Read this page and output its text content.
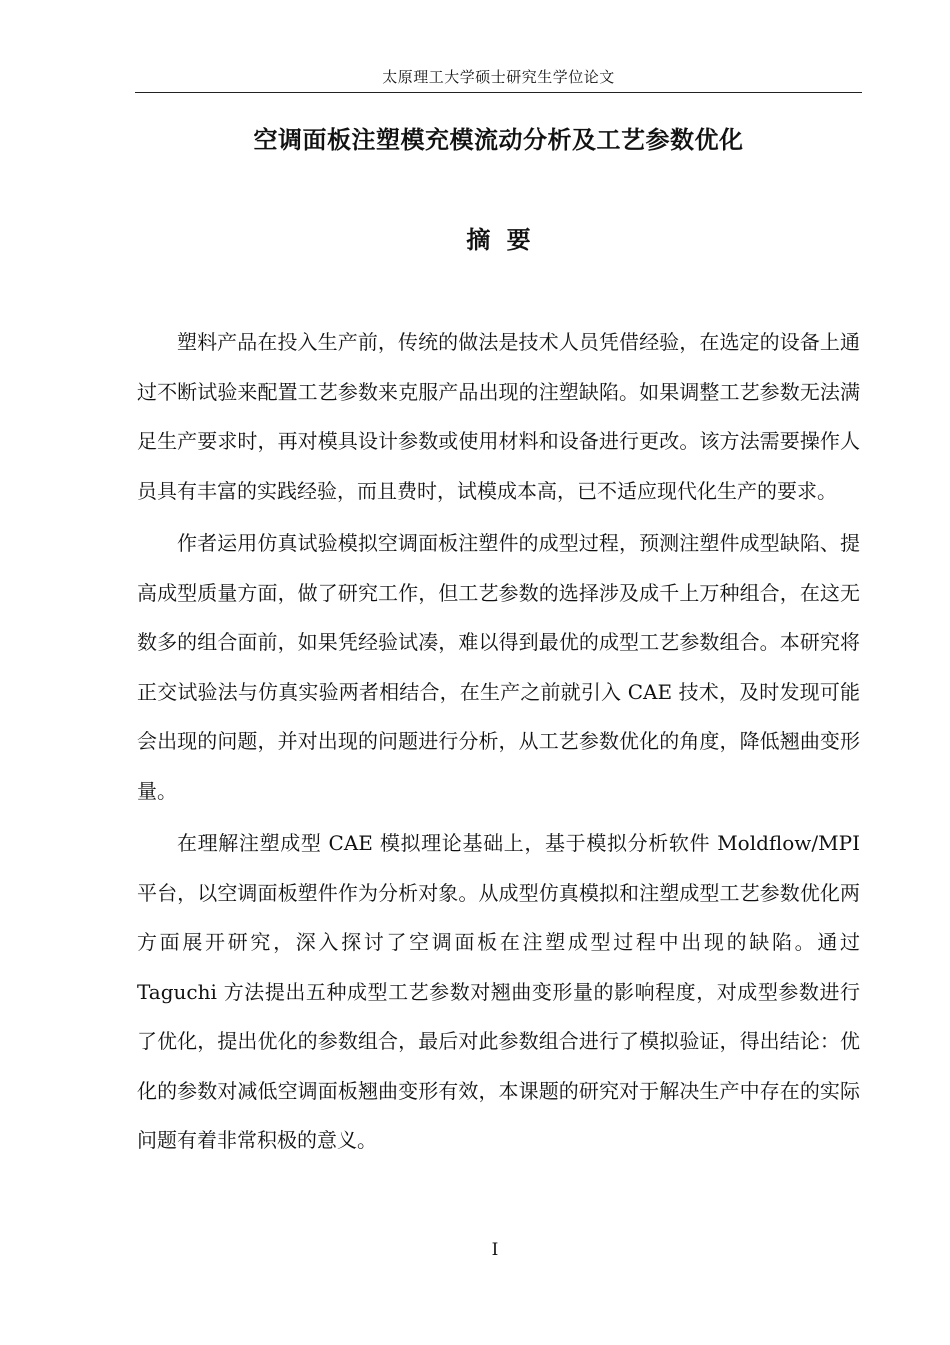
太原理工大学硕士研究生学位论文
空调面板注塑模充模流动分析及工艺参数优化
摘 要

塑料产品在投入生产前，传统的做法是技术人员凭借经验，在选定的设备上通过不断试验来配置工艺参数来克服产品出现的注塑缺陷。如果调整工艺参数无法满足生产要求时，再对模具设计参数或使用材料和设备进行更改。该方法需要操作人员具有丰富的实践经验，而且费时，试模成本高，已不适应现代化生产的要求。

作者运用仿真试验模拟空调面板注塑件的成型过程，预测注塑件成型缺陷、提高成型质量方面，做了研究工作，但工艺参数的选择涉及成千上万种组合，在这无数多的组合面前，如果凭经验试凑，难以得到最优的成型工艺参数组合。本研究将正交试验法与仿真实验两者相结合，在生产之前就引入 CAE 技术，及时发现可能会出现的问题，并对出现的问题进行分析，从工艺参数优化的角度，降低翘曲变形量。

在理解注塑成型 CAE 模拟理论基础上，基于模拟分析软件 Moldflow/MPI 平台，以空调面板塑件作为分析对象。从成型仿真模拟和注塑成型工艺参数优化两方面展开研究，深入探讨了空调面板在注塑成型过程中出现的缺陷。通过 Taguchi 方法提出五种成型工艺参数对翘曲变形量的影响程度，对成型参数进行了优化，提出优化的参数组合，最后对此参数组合进行了模拟验证，得出结论：优化的参数对减低空调面板翘曲变形有效，本课题的研究对于解决生产中存在的实际问题有着非常积极的意义。

I
